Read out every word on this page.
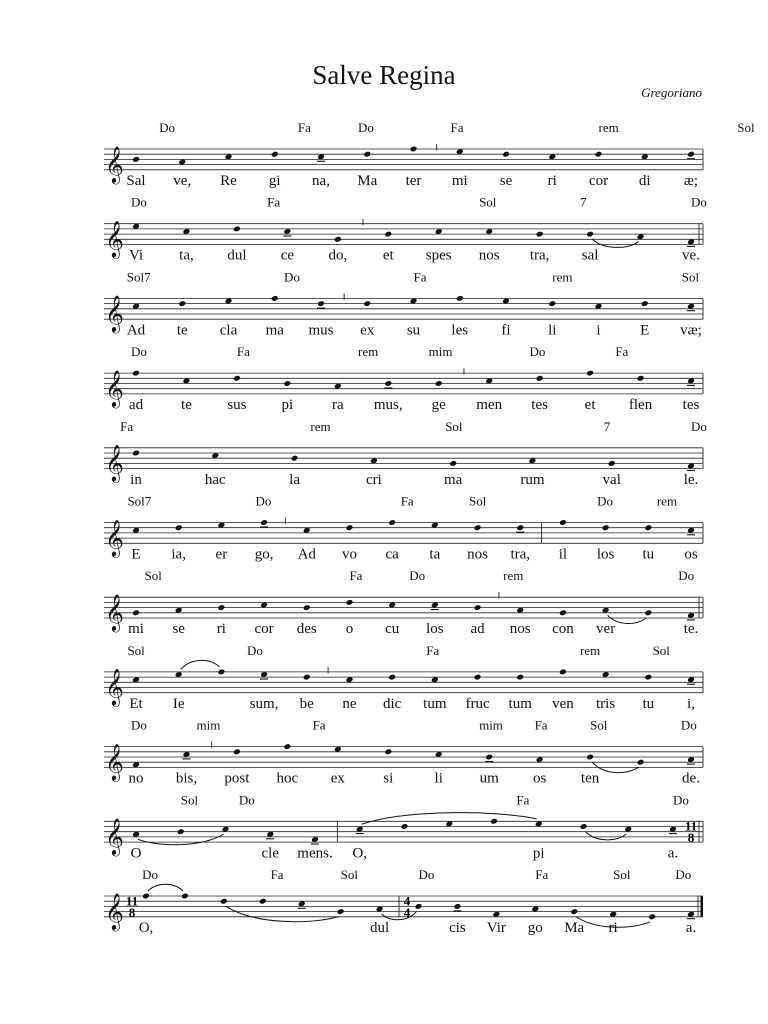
Salve Regina
Gregoriano
𝄞 Sal ve, Re gi na, Ma ter mi se ri cor di æ;
Do	Fa	Do	Fa	rem	Sol
𝄞 Vi ta, dul ce do, et spes nos tra, sal	ve.
Do	Fa	Sol	7	Do
𝄞 Ad te cla ma mus ex su les fi li	i	E væ;
Sol7	Do	Fa	rem	Sol
𝄞 ad	te sus pi	ra mus, ge men tes et flen tes
Do	Fa	rem	mim	Do	Fa
𝄞 in	hac	la	cri	ma	rum	val	le.
Fa	rem	Sol	7	Do
𝄞 E ia, er go, Ad vo ca ta nos tra, il los tu os
Sol7	Do	Fa	Sol	Do	rem
𝄞 mi se ri cor des o cu los ad nos con ver	te.
Sol	Fa	Do	rem	Do
𝄞 Et Ie	sum, be ne dic tum fruc tum ven tris tu i,
Sol	Do	Fa	rem	Sol
𝄞 no bis, post hoc ex	si	li um os ten	de.
Do	mim	Fa	mim Fa	Sol	Do
𝄞	11
8
O	cle mens. O,	pi	a.
Sol	Do	Fa	Do
𝄞 11
8
4
4
O,	dul	cis Vir go Ma ri	a.
Do	Fa	Sol	Do	Fa	Sol	Do
